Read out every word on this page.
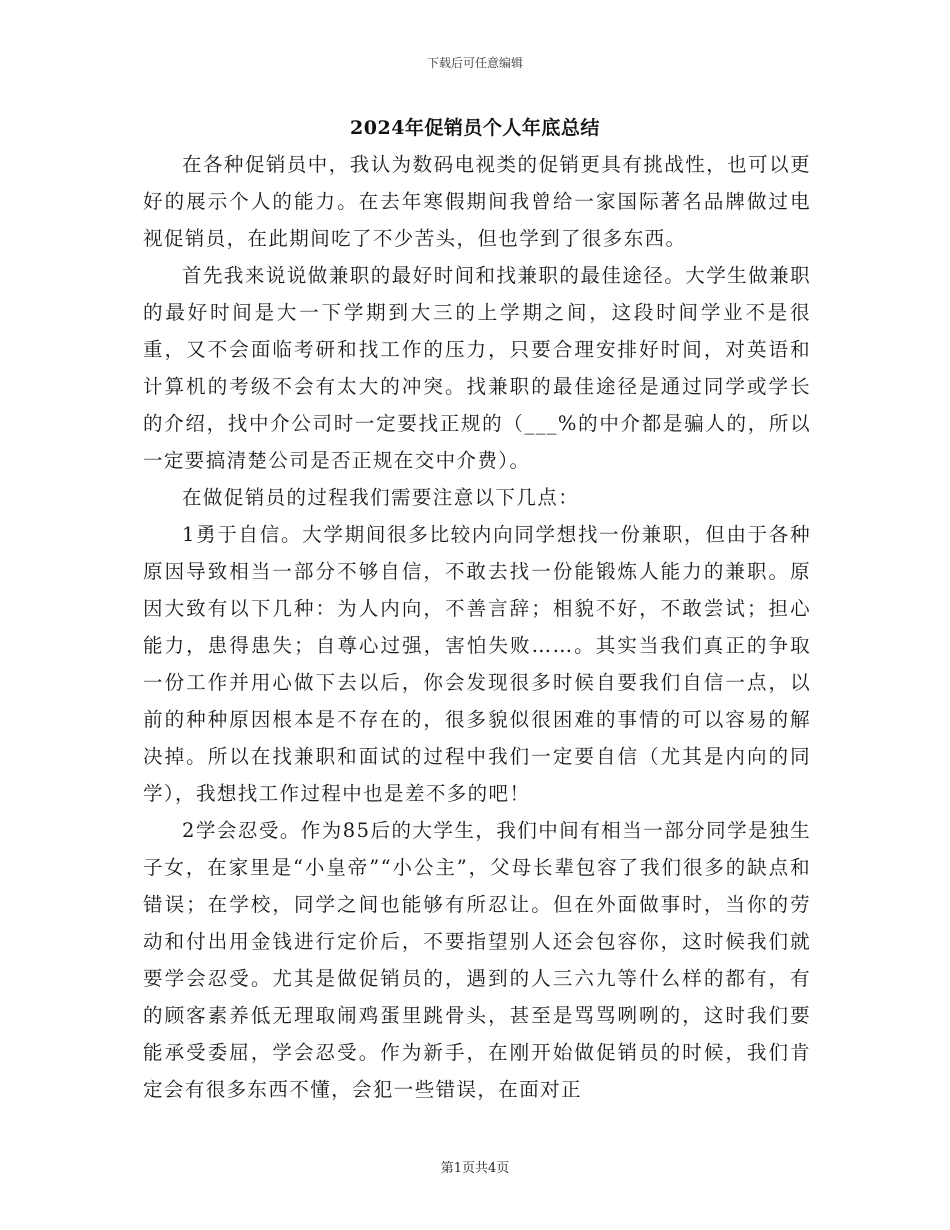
下载后可任意编辑
2024年促销员个人年底总结

在各种促销员中，我认为数码电视类的促销更具有挑战性，也可以更好的展示个人的能力。在去年寒假期间我曾给一家国际著名品牌做过电视促销员，在此期间吃了不少苦头，但也学到了很多东西。

首先我来说说做兼职的最好时间和找兼职的最佳途径。大学生做兼职的最好时间是大一下学期到大三的上学期之间，这段时间学业不是很重，又不会面临考研和找工作的压力，只要合理安排好时间，对英语和计算机的考级不会有太大的冲突。找兼职的最佳途径是通过同学或学长的介绍，找中介公司时一定要找正规的（___%的中介都是骗人的，所以一定要搞清楚公司是否正规在交中介费）。

在做促销员的过程我们需要注意以下几点：

1勇于自信。大学期间很多比较内向同学想找一份兼职，但由于各种原因导致相当一部分不够自信，不敢去找一份能锻炼人能力的兼职。原因大致有以下几种：为人内向，不善言辞；相貌不好，不敢尝试；担心能力，患得患失；自尊心过强，害怕失败……。其实当我们真正的争取一份工作并用心做下去以后，你会发现很多时候自要我们自信一点，以前的种种原因根本是不存在的，很多貌似很困难的事情的可以容易的解决掉。所以在找兼职和面试的过程中我们一定要自信（尤其是内向的同学），我想找工作过程中也是差不多的吧！

2学会忍受。作为85后的大学生，我们中间有相当一部分同学是独生子女，在家里是“小皇帝”“小公主”，父母长辈包容了我们很多的缺点和错误；在学校，同学之间也能够有所忍让。但在外面做事时，当你的劳动和付出用金钱进行定价后，不要指望别人还会包容你，这时候我们就要学会忍受。尤其是做促销员的，遇到的人三六九等什么样的都有，有的顾客素养低无理取闹鸡蛋里跳骨头，甚至是骂骂咧咧的，这时我们要能承受委屈，学会忍受。作为新手，在刚开始做促销员的时候，我们肯定会有很多东西不懂，会犯一些错误，在面对正

第1页共4页
